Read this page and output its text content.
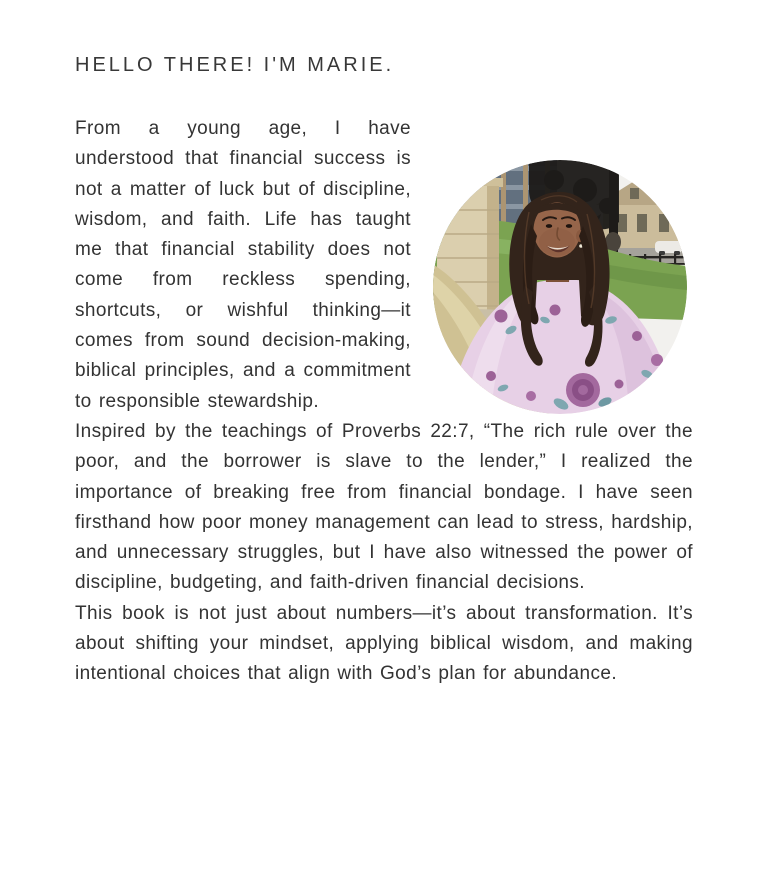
HELLO THERE! I'M MARIE.

From a young age, I have understood that financial success is not a matter of luck but of discipline, wisdom, and faith. Life has taught me that financial stability does not come from reckless spending, shortcuts, or wishful thinking—it comes from sound decision-making, biblical principles, and a commitment to responsible stewardship.

Inspired by the teachings of Proverbs 22:7, “The rich rule over the poor, and the borrower is slave to the lender,” I realized the importance of breaking free from financial bondage. I have seen firsthand how poor money management can lead to stress, hardship, and unnecessary struggles, but I have also witnessed the power of discipline, budgeting, and faith-driven financial decisions.

This book is not just about numbers—it’s about transformation. It’s about shifting your mindset, applying biblical wisdom, and making intentional choices that align with God’s plan for abundance.
